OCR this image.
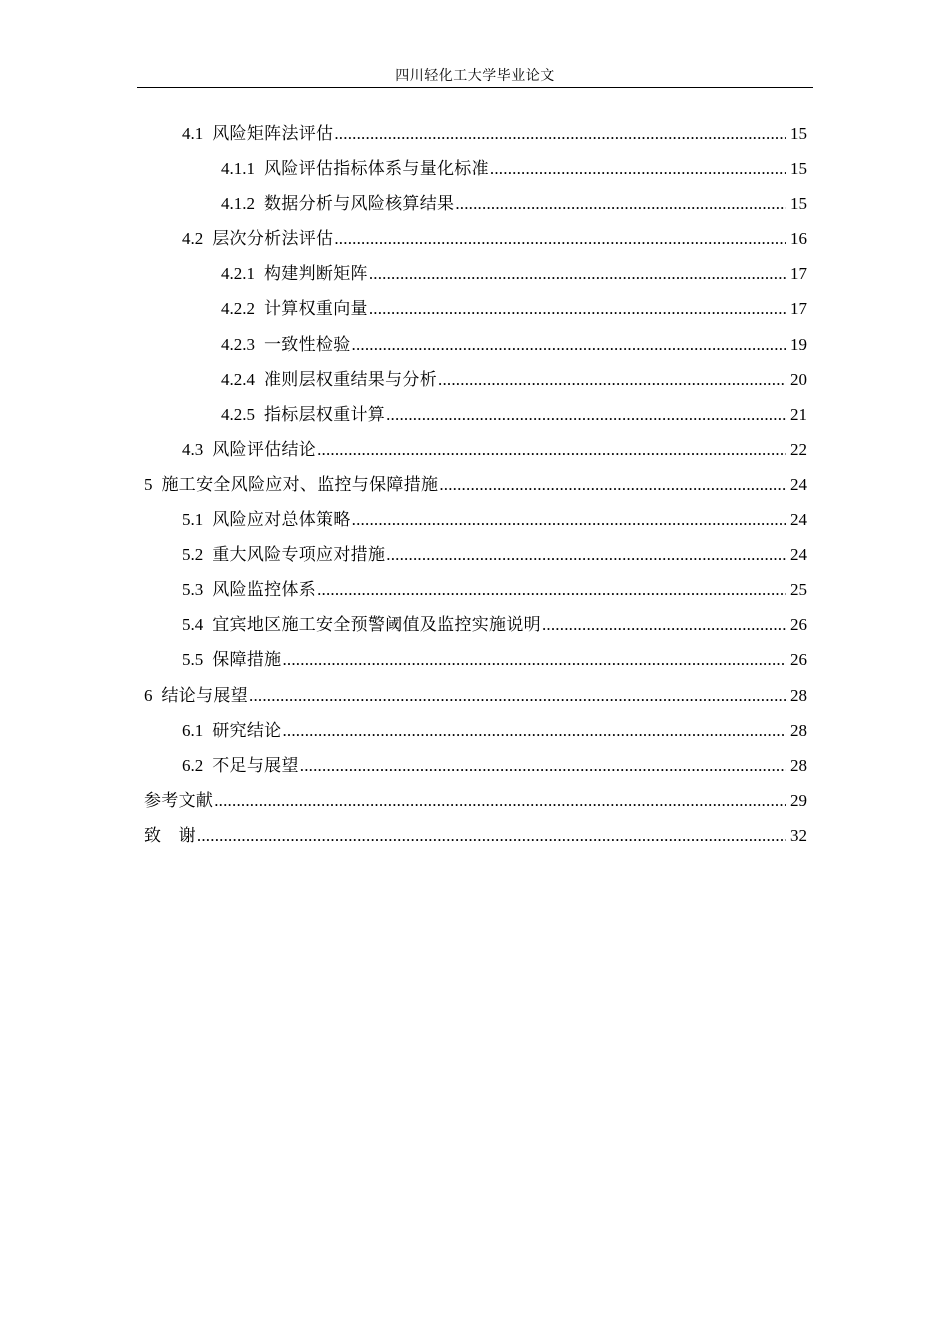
四川轻化工大学毕业论文
4.1 风险矩阵法评估 .....	15
4.1.1 风险评估指标体系与量化标准 .....	15
4.1.2 数据分析与风险核算结果 .....	15
4.2 层次分析法评估 .....	16
4.2.1 构建判断矩阵 .....	17
4.2.2 计算权重向量 .....	17
4.2.3 一致性检验 .....	19
4.2.4 准则层权重结果与分析 .....	20
4.2.5 指标层权重计算 .....	21
4.3 风险评估结论 .....	22
5 施工安全风险应对、监控与保障措施 .....	24
5.1 风险应对总体策略 .....	24
5.2 重大风险专项应对措施 .....	24
5.3 风险监控体系 .....	25
5.4 宜宾地区施工安全预警阈值及监控实施说明 .....	26
5.5 保障措施 .....	26
6 结论与展望 .....	28
6.1 研究结论 .....	28
6.2 不足与展望 .....	28
参考文献 .....	29
致　谢 .....	32
